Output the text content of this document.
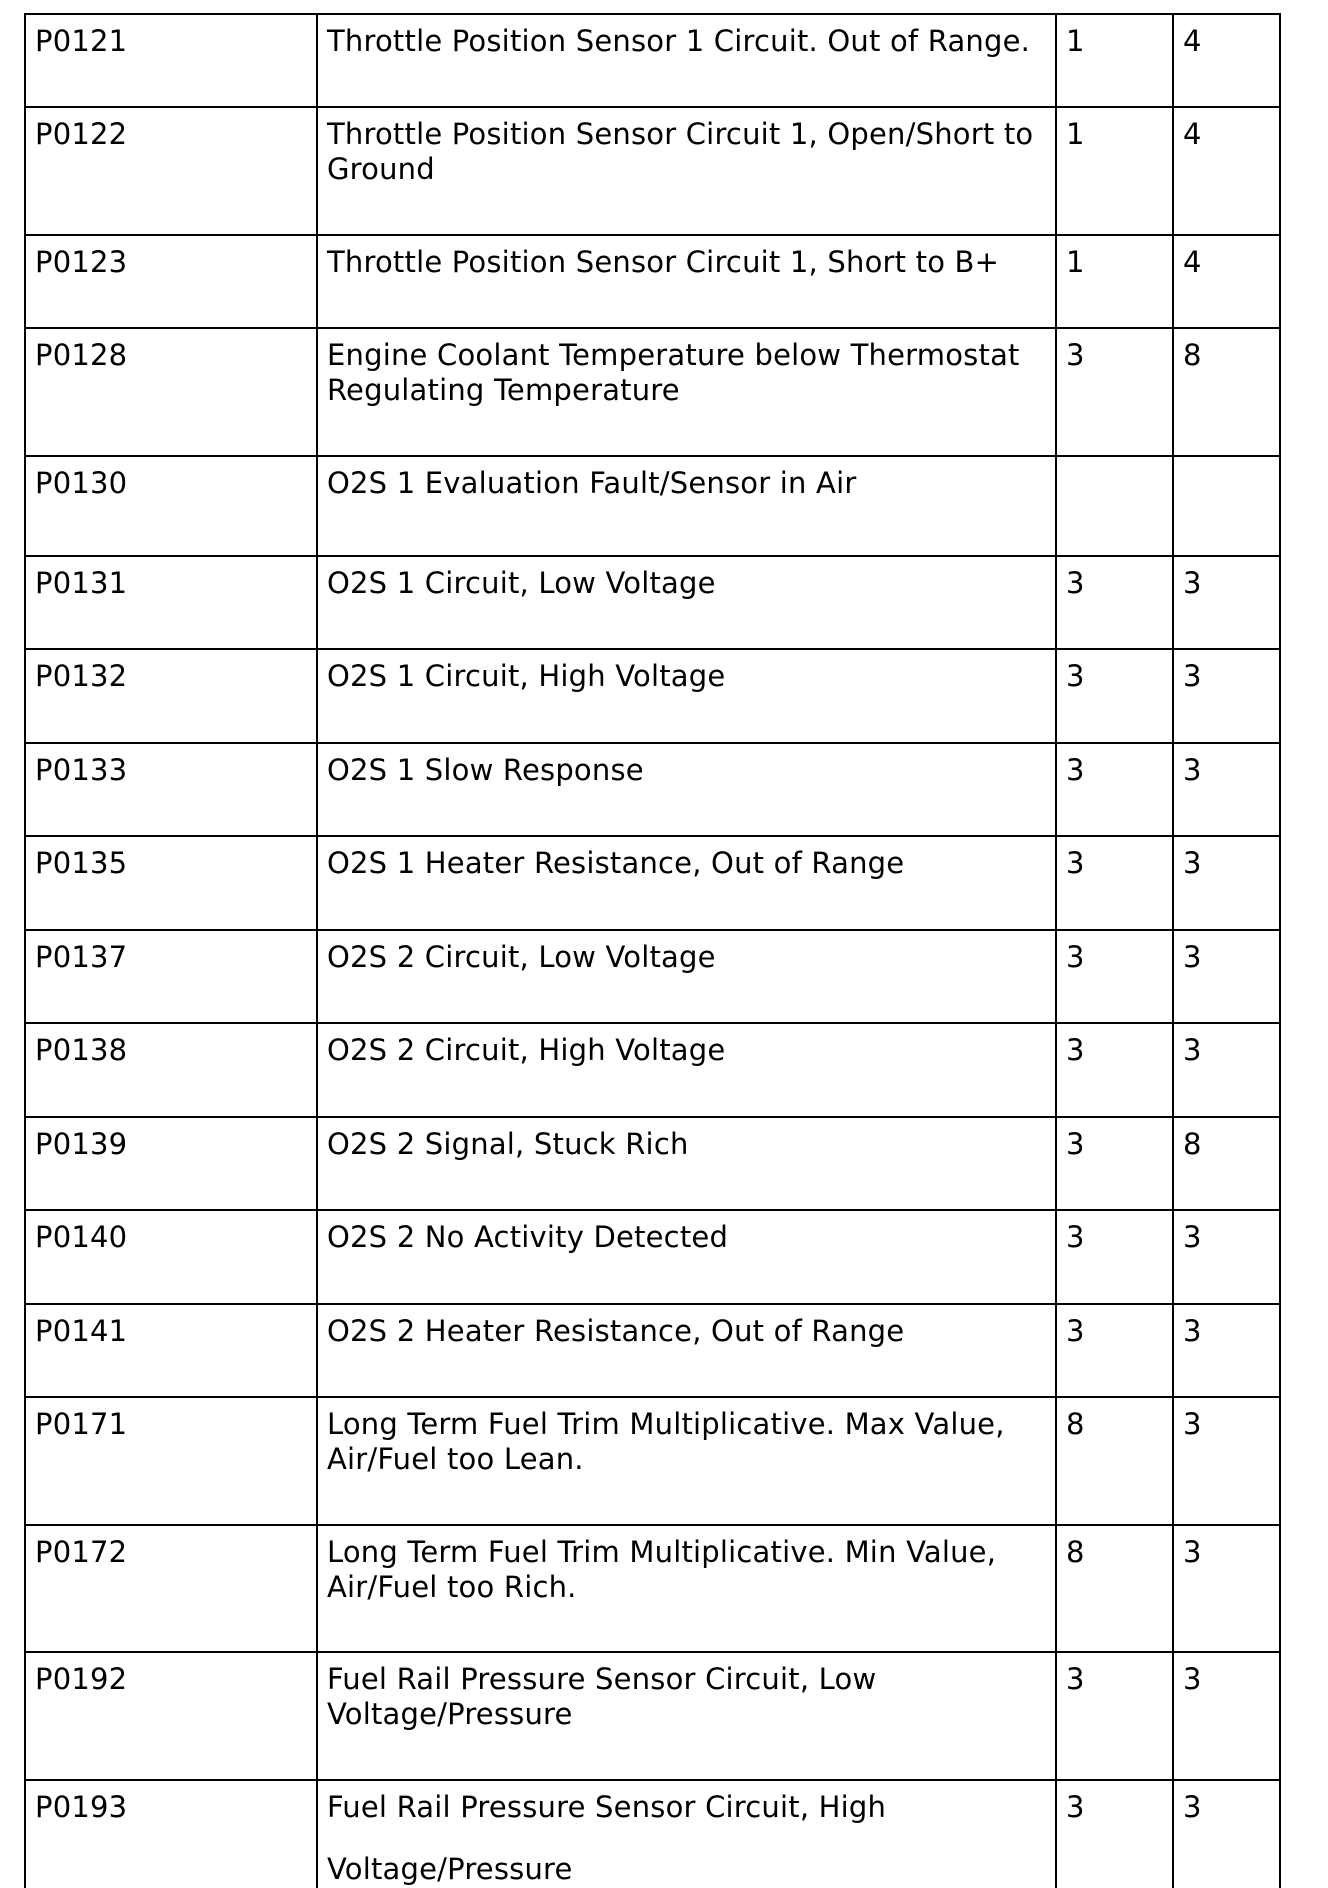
P0121	Throttle Position Sensor 1 Circuit. Out of Range.	1	4
P0122	Throttle Position Sensor Circuit 1, Open/Short to Ground	1	4
P0123	Throttle Position Sensor Circuit 1, Short to B+	1	4
P0128	Engine Coolant Temperature below Thermostat Regulating Temperature	3	8
P0130	O2S 1 Evaluation Fault/Sensor in Air		
P0131	O2S 1 Circuit, Low Voltage	3	3
P0132	O2S 1 Circuit, High Voltage	3	3
P0133	O2S 1 Slow Response	3	3
P0135	O2S 1 Heater Resistance, Out of Range	3	3
P0137	O2S 2 Circuit, Low Voltage	3	3
P0138	O2S 2 Circuit, High Voltage	3	3
P0139	O2S 2 Signal, Stuck Rich	3	8
P0140	O2S 2 No Activity Detected	3	3
P0141	O2S 2 Heater Resistance, Out of Range	3	3
P0171	Long Term Fuel Trim Multiplicative. Max Value, Air/Fuel too Lean.	8	3
P0172	Long Term Fuel Trim Multiplicative. Min Value, Air/Fuel too Rich.	8	3
P0192	Fuel Rail Pressure Sensor Circuit, Low Voltage/Pressure	3	3
P0193	Fuel Rail Pressure Sensor Circuit, High
Voltage/Pressure	3	3
